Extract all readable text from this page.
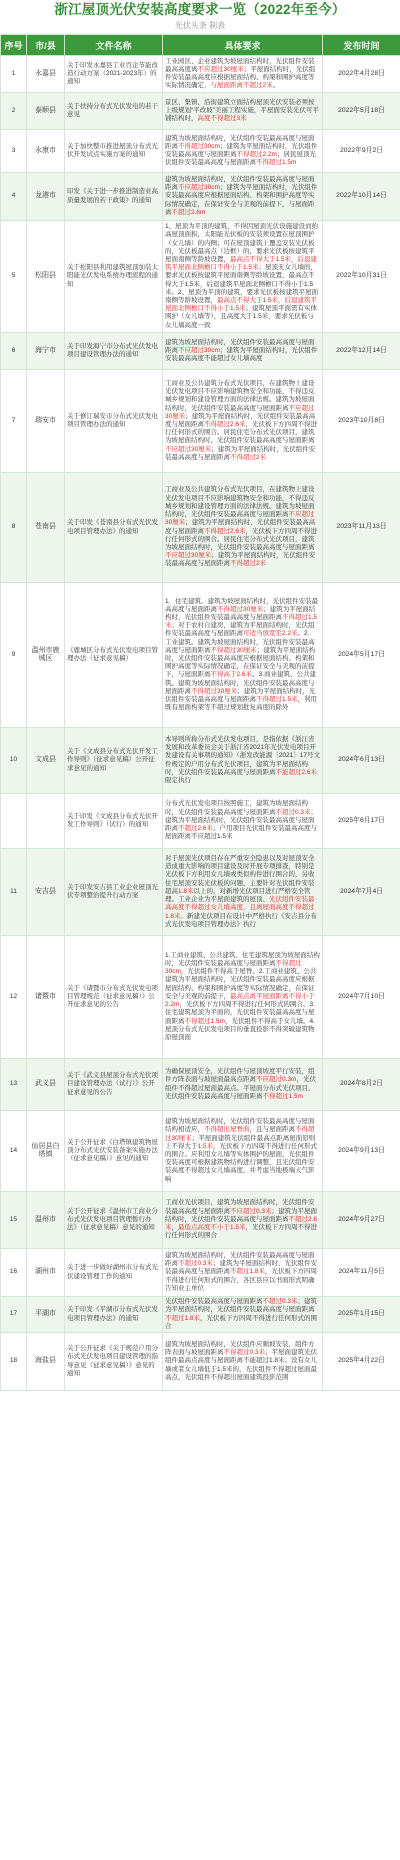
浙江屋顶光伏安装高度要求一览（2022年至今）
光伏头条 制表
序号	市/县	文件名称	具体要求	发布时间
1	永嘉县	关于印发永嘉县工业百企节能改造行动方案（2021-2023年）的通知	工业园区、企业建筑为坡屋面结构时，光伏组件安装最高高度离不应超过30厘米；平屋面结构时，光伏组件安装最高高度应根据屋面结构、构架和围护高度等实际情况确定，与屋面距离不超过2米。	2022年4月28日
2	泰顺县	关于扶持分布式光伏发电的若干意见	景区、集镇、沿街建筑立面结构屋顶光伏安装必须按上级规划“平改坡”美丽工程实施，平屋面安装光伏可平铺结构时，高度不得超过3米	2022年5月18日
3	永康市	关于加快整市推进屋顶分布式光伏开发试点实施方案的通知	建筑为坡屋面结构时，光伏组件安装最高高度与屋面距离不得超过30cm；建筑为平屋面结构时，光伏组件安装最高高度与屋面距离不得超过2.2m；居民屋顶光伏组件安装最高高度与屋面距离不得超过1.5m	2022年9月2日
4	龙港市	印发《关于进一步推进制造业高质量发展的若干政策》的通知	建筑为坡屋面结构时，光伏组件安装最高高度与屋面距离不应超过30cm；建筑为平屋面结构时，光伏组件安装最高高度应根据屋面结构、构架和围护高度等实际情况确定，在保证安全与美观的前提下，与屋面距离不超过2.6m	2022年10月14日
5	松阳县	关于松阳县利用建筑屋顶加装太阳能光伏发电系统办理流程的通知	1、屋顶为平顶的建筑，不得因屋顶光伏设施建设而抬高屋顶面积，太阳能光伏板的安装须设置在屋顶围护（女儿墙）的内侧；可在屋顶建筑上覆盖安装光伏板的，光伏板最高点（边框）的，要求光伏板按建筑平屋面南侧等龄坡设置，最高点不得大于1.5米，后退建筑平屋面北侧檐口不得小于1.5米；屋顶无女儿墙的，要求光伏板按建筑平屋面南侧等龄坡设置，最高点不得大于1.5米，后退建筑平屋面北侧檐口不得小于1.5米。2、屋顶为平顶的建筑，要求光伏板按建筑平屋面南侧等龄坡设置，最高点不得大于1.5米，后退建筑平屋面北侧檐口不得小于1.5米；建筑屋顶平面需有实体围护（女儿墙等），且高度大于1.5米，要求光伏板与女儿墙高度一致	2022年10月31日
6	海宁市	关于印发海宁市分布式光伏发电项目建设管理办法的通知	建筑为坡屋面结构时，光伏组件安装最高高度与屋面距离不应超过30cm；建筑为平屋面结构时，光伏组件安装最高高度不能超过女儿墙高度	2022年12月14日
7	瑞安市	关于修订瑞安市分布式光伏发电项目管理办法的通知	工商业及公共建筑分布式光伏项目，在建筑物上建设光伏发电项目不应影响建筑物安全和功能，不得违反城乡规划和建设管理方面的法律法规。建筑为坡屋面结构时，光伏组件安装最高高度与屋面距离不应超过30厘米；建筑为平屋面结构时，光伏组件安装最高高度与屋面距离不得超过2.6米，光伏板下方四周不得进行任何形式的围合。居民住宅分布式光伏项目，建筑为坡屋面结构时，光伏组件安装最高高度与屋面距离不应超过30厘米；建筑为平屋面结构时，光伏组件安装最高高度与屋面距离不得超过2米	2023年10月8日
8	苍南县	关于印发《苍南县分布式光伏发电项目管理办法》的通知	工商业及公共建筑分布式光伏项目，在建筑物上建设光伏发电项目不应影响建筑物安全和功能，不得违反城乡规划和建设管理方面的法律法规。建筑为坡屋面结构时，光伏组件安装最高高度与屋面距离不应超过30厘米；建筑为平屋面结构时，光伏组件安装最高高度与屋面距离不得超过2.6米，光伏板下方四周不得进行任何形式的围合。居民住宅分布式光伏项目，建筑为坡屋面结构时，光伏组件安装最高高度与屋面距离不应超过30厘米；建筑为平屋面结构时，光伏组件安装最高高度与屋面距离不得超过2米	2023年11月13日
9	温州市鹿城区	《鹿城区分布式光伏发电项目管理办法（征求意见稿）	1．住宅建筑。建筑为坡屋面结构时，光伏组件安装最高高度与屋面距离不得超过30厘米；建筑为平屋面结构时，光伏组件安装最高高度与屋面距离不得超过1.5米；对于农村自建房，建筑为平屋面结构时，光伏组件安装最高高度与屋面距离可适当放宽至2.2米。2．工业建筑。建筑为坡屋面结构时，光伏组件安装最高高度与屋面距离不得超过30厘米；建筑为平屋面结构时，光伏组件安装最高高度应根据屋面结构、构架和围护高度等实际情况确定，在保证安全与美观的前提下，与屋面距离不得高于2.6米。3.商业建筑、公共建筑。建筑为坡屋面结构时，光伏组件安装最高高度与屋面距离不得超过30厘米；建筑为平屋面结构时，光伏组件安装最高高度与屋面距离不得超过1.5米，利用既有屋面构架等不超过规划批复高度的除外	2024年5月17日
10	文成县	关于《文成县分布式光伏开发工作导则》（征求意见稿）公开征求意见的通知	本导则所称分布式光伏发电项目，是指依据《浙江省发展和改革委员会关于浙江省2021年光伏发电项目开发建设有关事项的通知》（浙发改能源〔2021〕17号文件规定的户用分布式光伏项目，建筑为平屋面结构时，光伏组件安装最高高度与屋面距离不能超过2.6米限定执行	2024年6月13日
		关于印发《文成县分布式光伏开发工作导则》（试行）的通知	分布式光伏发电项目按照施工，建筑为坡屋面结构时，光伏组件安装最高高度与屋面距离不超过0.3米；建筑为平屋面结构时，光伏组件安装最高高度与屋面距离不超过2.6米；户用项目光伏组件安装最高高度与屋面距离不应超过1.5米	2025年6月17日
11	安吉县	关于印发安吉县工业企业屋顶光伏专项整治提升行动方案	对于屋顶光伏项目存在严重安全隐患以及对屋顶安全造成重大影响的项目建设及时开展专项排查，特别是光伏板下方利用女儿墙或类似构件进行围合的，另收住宅屋顶安装光伏板的问题，主要针对光伏组件安装超高1.8米以上的，对新增光伏项目进行严格安全管理。工业企业为平屋面建筑的屋顶、光伏组件安装最高高度不得超过女儿墙高度，且离屋面高度不得超过1.8米。新建光伏项目在设计中严格执行《安吉县分布式光伏发电项目管理办法》执行	2024年7月4日
12	诸暨市	关于《诸暨市分布式光伏发电项目管理规范（征求意见稿）》公开征求意见的公告	1.工商业建筑、公共建筑、住宅建筑屋顶为坡屋面结构时，光伏组件安装最高高度与屋面距离不得超过30cm，光伏组件不得高于屋脊。2.工商业建筑、公共建筑为平屋面结构时，光伏组件安装最高高度应根据屋面结构、构架和围护高度等实际情况确定，在保证安全与美观的前提下，最高点离平屋面距离不得小于2.2m，光伏板下方四周不得进行任何形式的围合。3.住宅建筑屋顶为平面的，光伏组件安装最高高度与屋面距离不得超过1.5m，光伏组件不得高于女儿墙。4.屋顶分布式光伏发电项目的垂直投影不得突破建筑物原屋顶面	2024年7月10日
13	武义县	关于《武义县屋顶分布式光伏项目建设管理办法（试行）》公开征求意见的公告	为确保屋顶安全，光伏组件与屋顶坡度平行安装，组件方阵表面与坡屋面最高点距离不应超过0.3m，光伏组件不得超过屋面最高点。平屋面分布式光伏项目，光伏组件安装最高高度与屋面距离不得超过1.5m	2024年8月2日
14	仙居县白塔镇	关于公开征求《白塔镇建筑物屋顶分布式光伏安装备案实施办法（征求意见稿）》意见的通知	建筑为坡屋面结构时，光伏组件安装最高高度与屋面结构相适应，不得超出屋脊面，且与屋面距离不得超过30厘米；平屋面建筑光伏组件最高点距离屋面原则上不得大于1.5米，光伏板下方四周不得进行任何形式的围合。应利用女儿墙等实体围护的屋面，光伏组件安装高度可根据建筑物结构进行调整，且光伏组件安装高度不得超过女儿墙高度，并考虑当地极端天气影响	2024年9月13日
15	温州市	关于公开征求《温州市工商业分布式光伏发电项目管理暂行办法》（征求意见稿）意见的通知	工商业光伏项目，建筑为坡屋面结构时，光伏组件安装最高高度与屋面距离不应超过0.3米；建筑为平屋面结构时，光伏组件安装最高高度与屋面距离不超过2.6米，最低点高度不小于1.5米，光伏板下方四周不得进行任何形式的围合	2024年9月27日
16	湖州市	关于进一步做好湖州市分布式光伏建设管理工作的通知	建筑为坡屋面结构时，光伏组件安装最高高度与屋面距离不超过0.3米；建筑为平屋面结构时，光伏组件安装最高高度与屋面距离不超过1.8米，光伏板下方四周不得进行任何形式的围合，各区县应以书面形式明确告知业主单位	2024年11月5日
17	平湖市	关于印发《平湖市分布式光伏发电项目管理办法》的通知	光伏组件安装最高高度与屋面距离不超过0.3米；建筑为平屋面结构时，光伏组件安装最高高度与屋面距离不超过1.8米，光伏板下方四周不得进行任何形式的围合	2025年1月15日
18	海盐县	关于公开征求《关于规范户用分布式光伏发电项目建设管理的指导意见（征求意见稿）》意见的通知	建筑为坡屋面结构时，光伏组件应顺坡安装，组件方阵表面与坡屋面距离不得超过0.3米；平屋面建筑光伏组件最高点高度与屋面距离不能超过1.8米；没有女儿墙或者女儿墙低于1.5米的，光伏组件不得超过屋面最高点，光伏组件不得超出屋面建筑投影范围	2025年4月22日
